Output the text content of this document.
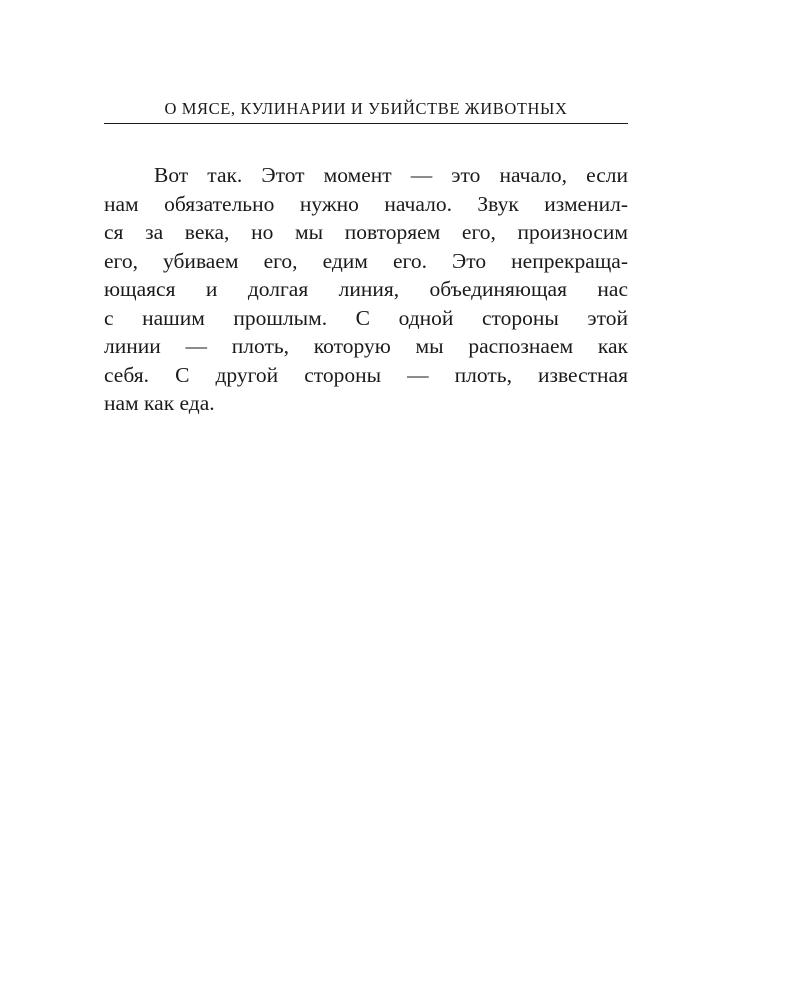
О МЯСЕ, КУЛИНАРИИ И УБИЙСТВЕ ЖИВОТНЫХ
Вот так. Этот момент — это начало, если
нам обязательно нужно начало. Звук изменил-
ся за века, но мы повторяем его, произносим
его, убиваем его, едим его. Это непрекраща-
ющаяся и долгая линия, объединяющая нас
с нашим прошлым. С одной стороны этой
линии — плоть, которую мы распознаем как
себя. С другой стороны — плоть, известная
нам как еда.
